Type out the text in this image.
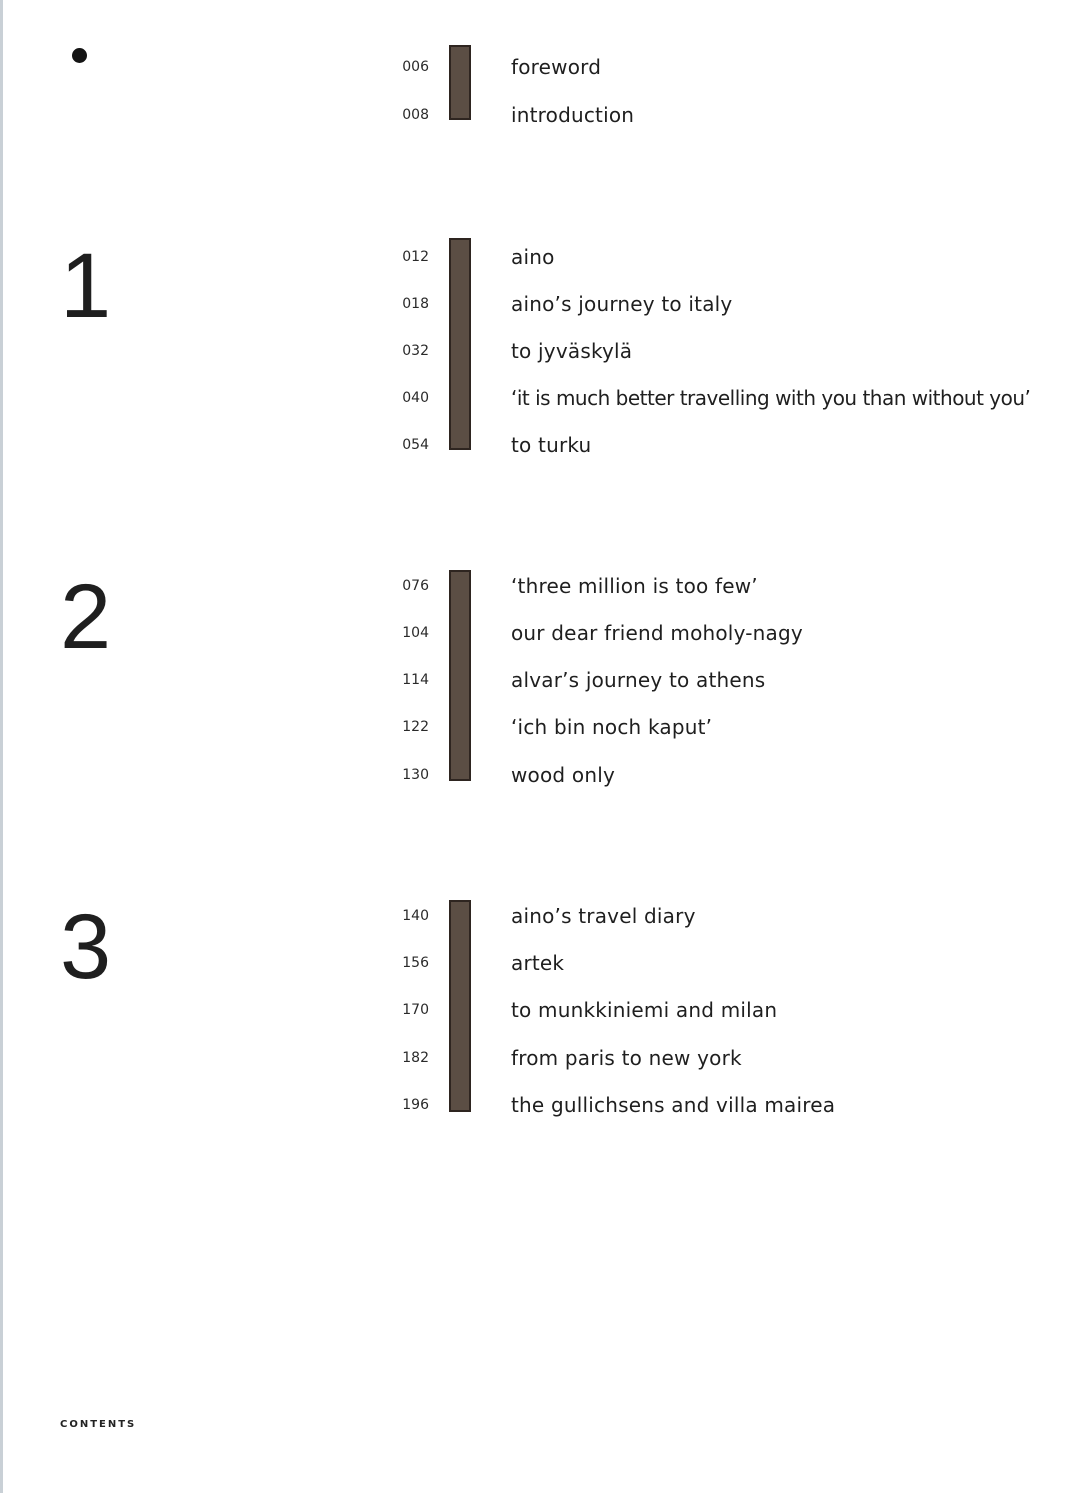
006	foreword
008	introduction
1	012	aino
018	aino’s journey to italy
032	to jyväskylä
040	‘it is much better travelling with you than without you’
054	to turku
2	076	‘three million is too few’
104	our dear friend moholy-nagy
114	alvar’s journey to athens
122	‘ich bin noch kaput’
130	wood only
3	140	aino’s travel diary
156	artek
170	to munkkiniemi and milan
182	from paris to new york
196	the gullichsens and villa mairea
CONTENTS
